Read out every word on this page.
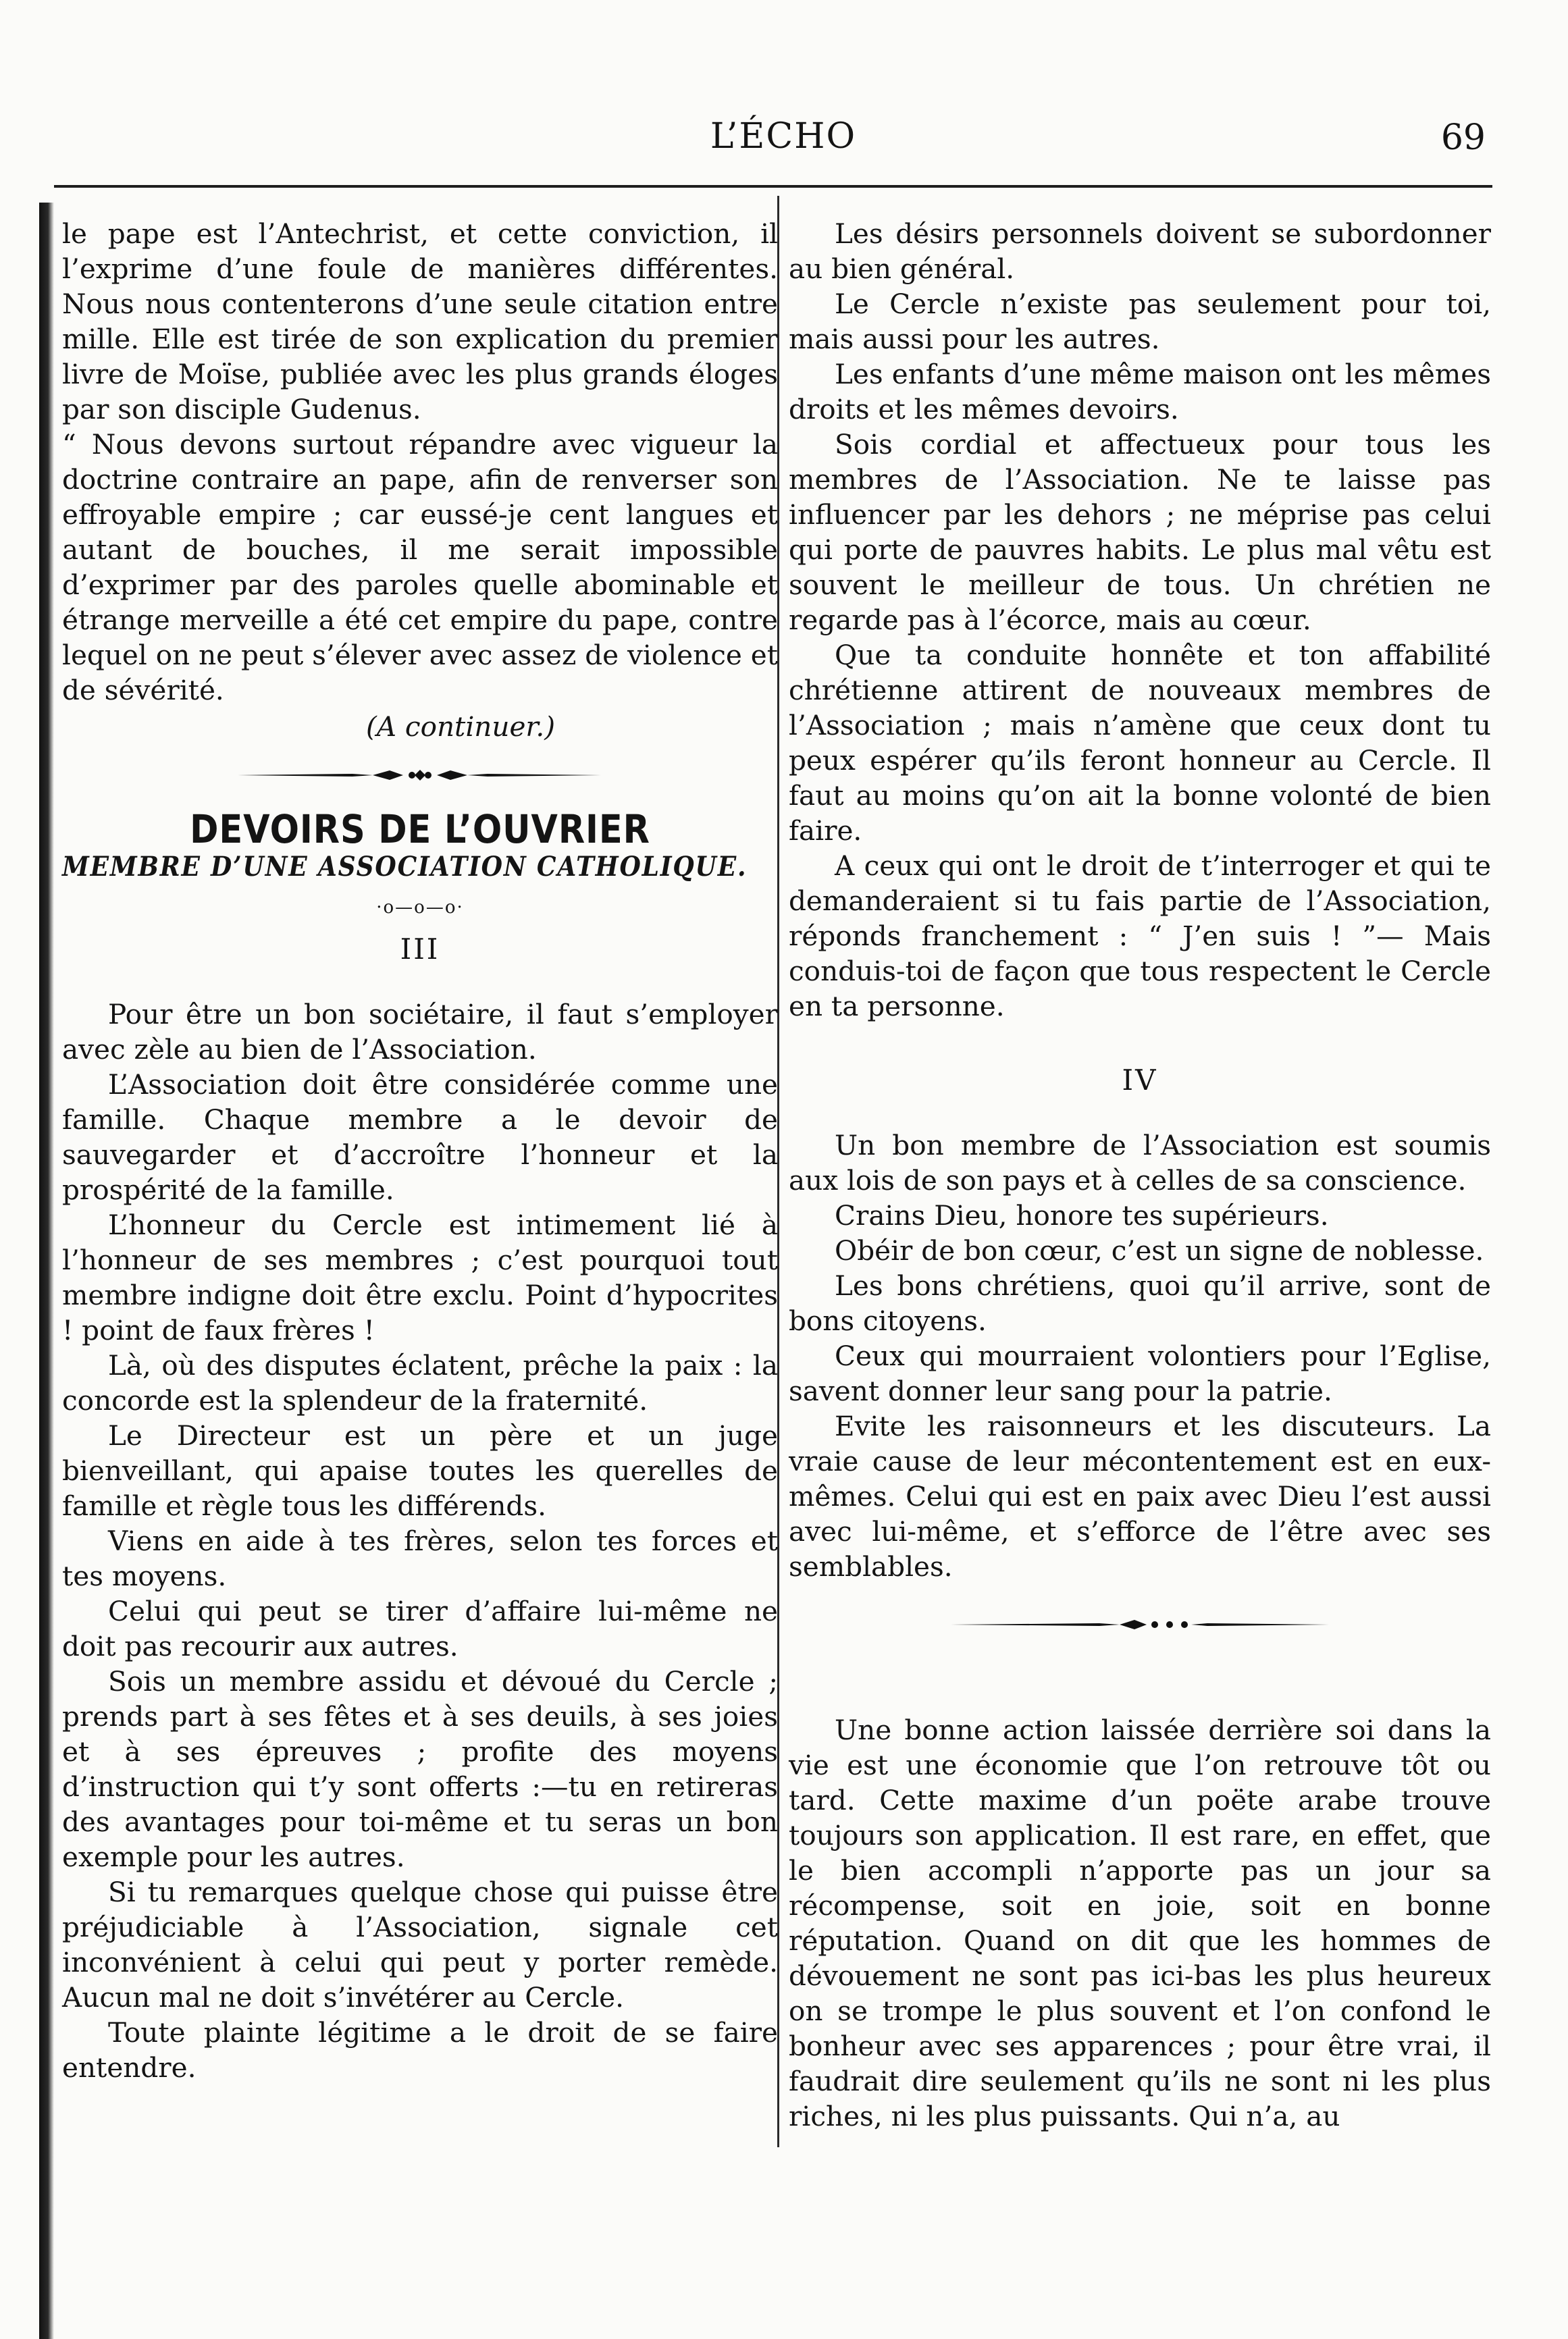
L’ÉCHO	69

le pape est l’Antechrist, et cette conviction, il l’exprime d’une foule de manières différentes. Nous nous contenterons d’une seule citation entre mille. Elle est tirée de son explication du premier livre de Moïse, publiée avec les plus grands éloges par son disciple Gudenus.

“ Nous devons surtout répandre avec vigueur la doctrine contraire an pape, afin de renverser son effroyable empire ; car eussé-je cent langues et autant de bouches, il me serait impossible d’exprimer par des paroles quelle abominable et étrange merveille a été cet empire du pape, contre lequel on ne peut s’élever avec assez de violence et de sévérité.

(A continuer.)

DEVOIRS DE L’OUVRIER
MEMBRE D’UNE ASSOCIATION CATHOLIQUE.
·o—o—o·
III

Pour être un bon sociétaire, il faut s’employer avec zèle au bien de l’Association.

L’Association doit être considérée comme une famille. Chaque membre a le devoir de sauvegarder et d’accroître l’honneur et la prospérité de la famille.

L’honneur du Cercle est intimement lié à l’honneur de ses membres ; c’est pourquoi tout membre indigne doit être exclu. Point d’hypocrites ! point de faux frères !

Là, où des disputes éclatent, prêche la paix : la concorde est la splendeur de la fraternité.

Le Directeur est un père et un juge bienveillant, qui apaise toutes les querelles de famille et règle tous les différends.

Viens en aide à tes frères, selon tes forces et tes moyens.

Celui qui peut se tirer d’affaire lui-même ne doit pas recourir aux autres.

Sois un membre assidu et dévoué du Cercle ; prends part à ses fêtes et à ses deuils, à ses joies et à ses épreuves ; profite des moyens d’instruction qui t’y sont offerts :—tu en retireras des avantages pour toi-même et tu seras un bon exemple pour les autres.

Si tu remarques quelque chose qui puisse être préjudiciable à l’Association, signale cet inconvénient à celui qui peut y porter remède. Aucun mal ne doit s’invétérer au Cercle.

Toute plainte légitime a le droit de se faire entendre.

Les désirs personnels doivent se subordonner au bien général.

Le Cercle n’existe pas seulement pour toi, mais aussi pour les autres.

Les enfants d’une même maison ont les mêmes droits et les mêmes devoirs.

Sois cordial et affectueux pour tous les membres de l’Association. Ne te laisse pas influencer par les dehors ; ne méprise pas celui qui porte de pauvres habits. Le plus mal vêtu est souvent le meilleur de tous. Un chrétien ne regarde pas à l’écorce, mais au cœur.

Que ta conduite honnête et ton affabilité chrétienne attirent de nouveaux membres de l’Association ; mais n’amène que ceux dont tu peux espérer qu’ils feront honneur au Cercle. Il faut au moins qu’on ait la bonne volonté de bien faire.

A ceux qui ont le droit de t’interroger et qui te demanderaient si tu fais partie de l’Association, réponds franchement : “ J’en suis ! ”— Mais conduis-toi de façon que tous respectent le Cercle en ta personne.

IV

Un bon membre de l’Association est soumis aux lois de son pays et à celles de sa conscience.

Crains Dieu, honore tes supérieurs.

Obéir de bon cœur, c’est un signe de noblesse.

Les bons chrétiens, quoi qu’il arrive, sont de bons citoyens.

Ceux qui mourraient volontiers pour l’Eglise, savent donner leur sang pour la patrie.

Evite les raisonneurs et les discuteurs. La vraie cause de leur mécontentement est en eux-mêmes. Celui qui est en paix avec Dieu l’est aussi avec lui-même, et s’efforce de l’être avec ses semblables.

Une bonne action laissée derrière soi dans la vie est une économie que l’on retrouve tôt ou tard. Cette maxime d’un poëte arabe trouve toujours son application. Il est rare, en effet, que le bien accompli n’apporte pas un jour sa récompense, soit en joie, soit en bonne réputation. Quand on dit que les hommes de dévouement ne sont pas ici-bas les plus heureux on se trompe le plus souvent et l’on confond le bonheur avec ses apparences ; pour être vrai, il faudrait dire seulement qu’ils ne sont ni les plus riches, ni les plus puissants. Qui n’a, au
